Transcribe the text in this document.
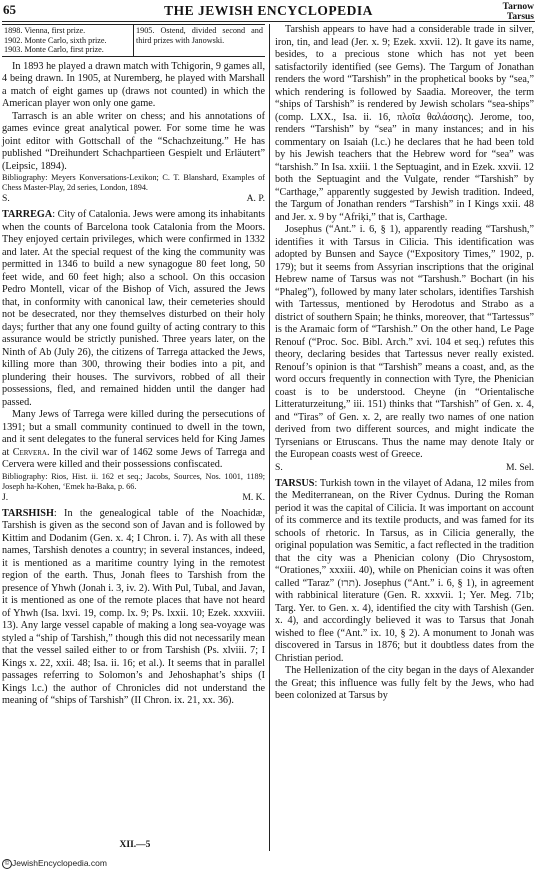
65	THE JEWISH ENCYCLOPEDIA	Tarnow
Tarsus
1898. Vienna, first prize.
1902. Monte Carlo, sixth prize.
1903. Monte Carlo, first prize.
1905. Ostend, divided second and third prizes with Janowski.

In 1893 he played a drawn match with Tchigorin, 9 games all, 4 being drawn. In 1905, at Nuremberg, he played with Marshall a match of eight games up (draws not counted) in which the American player won only one game.

Tarrasch is an able writer on chess; and his annotations of games evince great analytical power. For some time he was joint editor with Gottschall of the “Schachzeitung.” He has published “Dreihundert Schachpartieen Gespielt und Erläutert” (Leipsic, 1894).

Bibliography: Meyers Konversations-Lexikon; C. T. Blanshard, Examples of Chess Master-Play, 2d series, London, 1894.

S.	A. P.

TARREGA: City of Catalonia. Jews were among its inhabitants when the counts of Barcelona took Catalonia from the Moors. They enjoyed certain privileges, which were confirmed in 1332 and later. At the special request of the king the community was permitted in 1346 to build a new synagogue 80 feet long, 50 feet wide, and 60 feet high; also a school. On this occasion Pedro Montell, vicar of the Bishop of Vich, assured the Jews that, in conformity with canonical law, their cemeteries should not be desecrated, nor they themselves disturbed on their holy days; further that any one found guilty of acting contrary to this assurance would be strictly punished. Three years later, on the Ninth of Ab (July 26), the citizens of Tarrega attacked the Jews, killing more than 300, throwing their bodies into a pit, and plundering their houses. The survivors, robbed of all their possessions, fled, and remained hidden until the danger had passed.

Many Jews of Tarrega were killed during the persecutions of 1391; but a small community continued to dwell in the town, and it sent delegates to the funeral services held for King James at Cervera. In the civil war of 1462 some Jews of Tarrega and Cervera were killed and their possessions confiscated.

Bibliography: Rios, Hist. ii. 162 et seq.; Jacobs, Sources, Nos. 1001, 1189; Joseph ha-Kohen, ‘Emek ha-Baka, p. 66.

J.	M. K.

TARSHISH: In the genealogical table of the Noachidæ, Tarshish is given as the second son of Javan and is followed by Kittim and Dodanim (Gen. x. 4; I Chron. i. 7). As with all these names, Tarshish denotes a country; in several instances, indeed, it is mentioned as a maritime country lying in the remotest region of the earth. Thus, Jonah flees to Tarshish from the presence of Yhwh (Jonah i. 3, iv. 2). With Pul, Tubal, and Javan, it is mentioned as one of the remote places that have not heard of Yhwh (Isa. lxvi. 19, comp. lx. 9; Ps. lxxii. 10; Ezek. xxxviii. 13). Any large vessel capable of making a long sea-voyage was styled a “ship of Tarshish,” though this did not necessarily mean that the vessel sailed either to or from Tarshish (Ps. xlviii. 7; I Kings x. 22, xxii. 48; Isa. ii. 16; et al.). It seems that in parallel passages referring to Solomon’s and Jehoshaphat’s ships (I Kings l.c.) the author of Chronicles did not understand the meaning of “ships of Tarshish” (II Chron. ix. 21, xx. 36).

XII.—5

Tarshish appears to have had a considerable trade in silver, iron, tin, and lead (Jer. x. 9; Ezek. xxvii. 12). It gave its name, besides, to a precious stone which has not yet been satisfactorily identified (see Gems). The Targum of Jonathan renders the word “Tarshish” in the prophetical books by “sea,” which rendering is followed by Saadia. Moreover, the term “ships of Tarshish” is rendered by Jewish scholars “sea-ships” (comp. LXX., Isa. ii. 16, πλοῖα θαλάσσης). Jerome, too, renders “Tarshish” by “sea” in many instances; and in his commentary on Isaiah (l.c.) he declares that he had been told by his Jewish teachers that the Hebrew word for “sea” was “tarshish.” In Isa. xxiii. 1 the Septuagint, and in Ezek. xxvii. 12 both the Septuagint and the Vulgate, render “Tarshish” by “Carthage,” apparently suggested by Jewish tradition. Indeed, the Targum of Jonathan renders “Tarshish” in I Kings xxii. 48 and Jer. x. 9 by “Afriḳi,” that is, Carthage.

Josephus (“Ant.” i. 6, § 1), apparently reading “Tarshush,” identifies it with Tarsus in Cilicia. This identification was adopted by Bunsen and Sayce (“Expository Times,” 1902, p. 179); but it seems from Assyrian inscriptions that the original Hebrew name of Tarsus was not “Tarshush.” Bochart (in his “Phaleg”), followed by many later scholars, identifies Tarshish with Tartessus, mentioned by Herodotus and Strabo as a district of southern Spain; he thinks, moreover, that “Tartessus” is the Aramaic form of “Tarshish.” On the other hand, Le Page Renouf (“Proc. Soc. Bibl. Arch.” xvi. 104 et seq.) refutes this theory, declaring besides that Tartessus never really existed. Renouf’s opinion is that “Tarshish” means a coast, and, as the word occurs frequently in connection with Tyre, the Phenician coast is to be understood. Cheyne (in “Orientalische Litteraturzeitung,” iii. 151) thinks that “Tarshish” of Gen. x. 4, and “Tiras” of Gen. x. 2, are really two names of one nation derived from two different sources, and might indicate the Tyrsenians or Etruscans. Thus the name may denote Italy or the European coasts west of Greece.

S.	M. Sel.

TARSUS: Turkish town in the vilayet of Adana, 12 miles from the Mediterranean, on the River Cydnus. During the Roman period it was the capital of Cilicia. It was important on account of its commerce and its textile products, and was famed for its schools of rhetoric. In Tarsus, as in Cilicia generally, the original population was Semitic, a fact reflected in the tradition that the city was a Phenician colony (Dio Chrysostom, “Orationes,” xxxiii. 40), while on Phenician coins it was often called “Taraz” (תרז). Josephus (“Ant.” i. 6, § 1), in agreement with rabbinical literature (Gen. R. xxxvii. 1; Yer. Meg. 71b; Targ. Yer. to Gen. x. 4), identified the city with Tarshish (Gen. x. 4), and accordingly believed it was to Tarsus that Jonah wished to flee (“Ant.” ix. 10, § 2). A monument to Jonah was discovered in Tarsus in 1876; but it doubtless dates from the Christian period.

The Hellenization of the city began in the days of Alexander the Great; this influence was fully felt by the Jews, who had been colonized at Tarsus by

© JewishEncyclopedia.com
